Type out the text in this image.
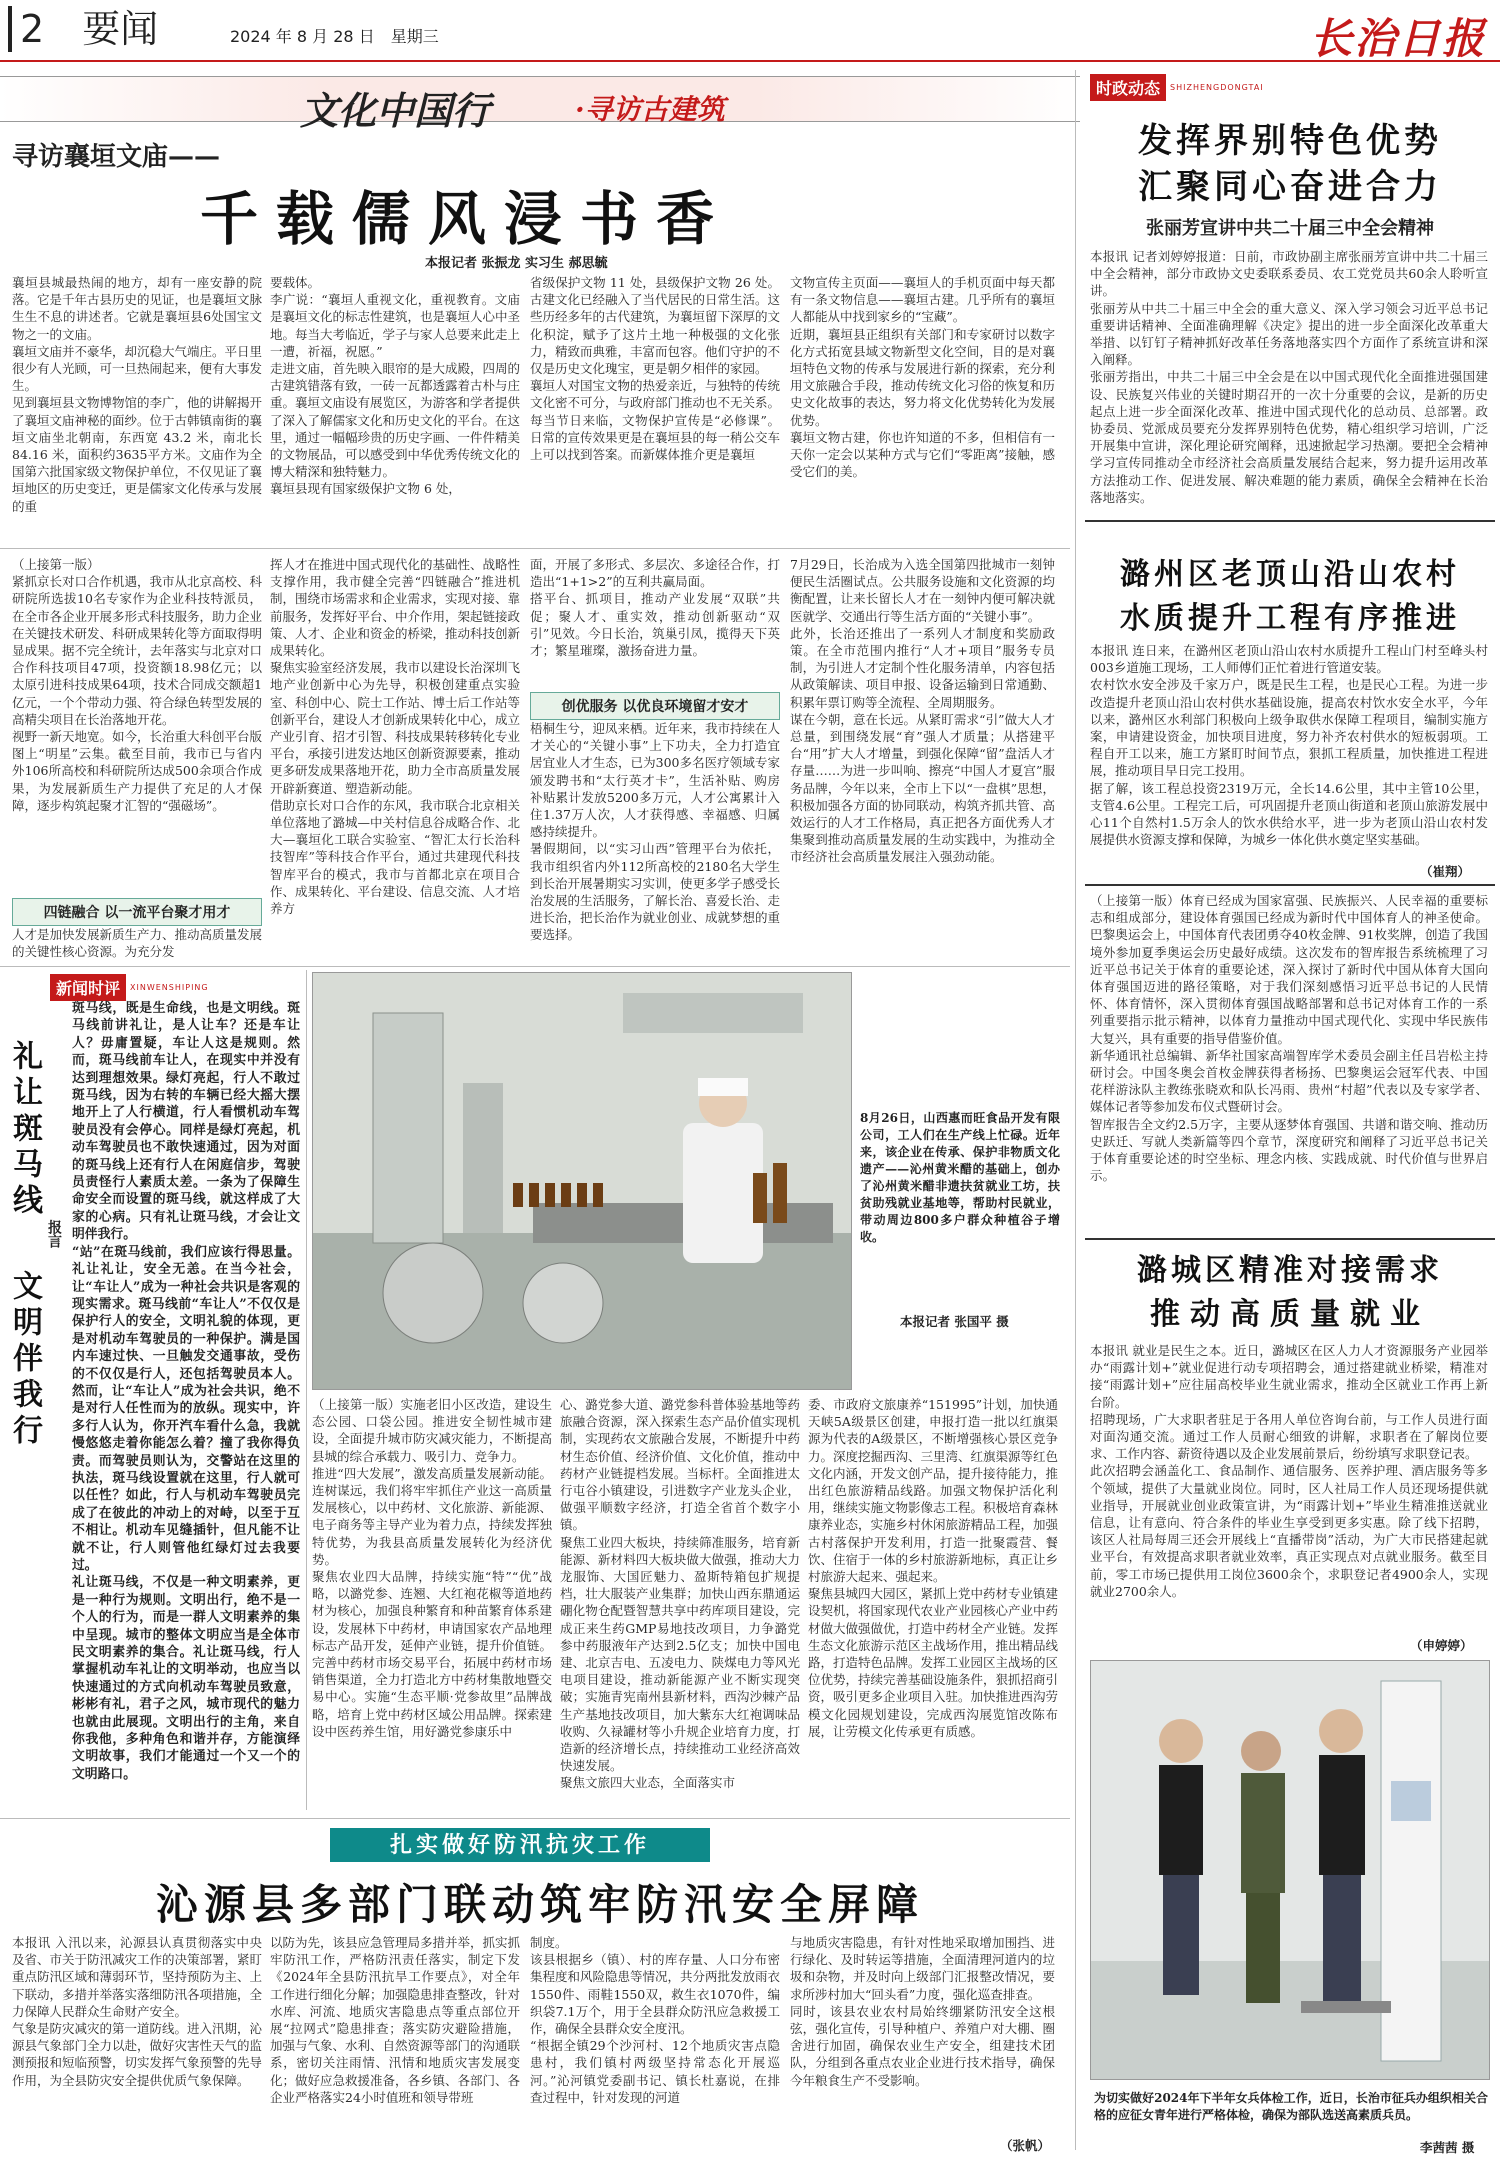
2　 要闻	2024 年 8 月 28 日　星期三	长治日报
文化中国行	·寻访古建筑
寻访襄垣文庙——
千载儒风浸书香
本报记者 张振龙 实习生 郝思毓
襄垣县城最热闹的地方，却有一座安静的院落。它是千年古县历史的见证，也是襄垣文脉生生不息的讲述者。它就是襄垣县6处国宝文物之一的文庙。
襄垣文庙并不豪华，却沉稳大气端庄。平日里很少有人光顾，可一旦热闹起来，便有大事发生。
见到襄垣县文物博物馆的李广，他的讲解揭开了襄垣文庙神秘的面纱。位于古韩镇南街的襄垣文庙坐北朝南，东西宽 43.2 米，南北长 84.16 米，面积约3635平方米。文庙作为全国第六批国家级文物保护单位，不仅见证了襄垣地区的历史变迁，更是儒家文化传承与发展的重
要载体。
李广说：“襄垣人重视文化，重视教育。文庙是襄垣文化的标志性建筑，也是襄垣人心中圣地。每当大考临近，学子与家人总要来此走上一遭，祈福，祝愿。”
走进文庙，首先映入眼帘的是大成殿，四周的古建筑错落有致，一砖一瓦都透露着古朴与庄重。襄垣文庙设有展览区，为游客和学者提供了深入了解儒家文化和历史文化的平台。在这里，通过一幅幅珍贵的历史字画、一件件精美的文物展品，可以感受到中华优秀传统文化的博大精深和独特魅力。
襄垣县现有国家级保护文物 6 处，
省级保护文物 11 处，县级保护文物 26 处。古建文化已经融入了当代居民的日常生活。这些历经多年的古代建筑，为襄垣留下深厚的文化积淀，赋予了这片土地一种极强的文化张力，精致而典雅，丰富而包容。他们守护的不仅是历史文化瑰宝，更是朝夕相伴的家园。
襄垣人对国宝文物的热爱亲近，与独特的传统文化密不可分，与政府部门推动也不无关系。每当节日来临，文物保护宣传是“必修课”。日常的宣传效果更是在襄垣县的每一稍公交车上可以找到答案。而新媒体推介更是襄垣
文物宣传主页面——襄垣人的手机页面中每天都有一条文物信息——襄垣古建。几乎所有的襄垣人都能从中找到家乡的“宝藏”。
近期，襄垣县正组织有关部门和专家研讨以数字化方式拓宽县域文物新型文化空间，目的是对襄垣特色文物的传承与发展进行新的探索，充分利用文旅融合手段，推动传统文化习俗的恢复和历史文化故事的表达，努力将文化优势转化为发展优势。
襄垣文物古建，你也许知道的不多，但相信有一天你一定会以某种方式与它们“零距离”接触，感受它们的美。
时政动态	SHIZHENGDONGTAI
发挥界别特色优势
汇聚同心奋进合力
张丽芳宣讲中共二十届三中全会精神
本报讯 记者刘婷婷报道：日前，市政协副主席张丽芳宣讲中共二十届三中全会精神，部分市政协文史委联系委员、农工党党员共60余人聆听宣讲。
张丽芳从中共二十届三中全会的重大意义、深入学习领会习近平总书记重要讲话精神、全面准确理解《决定》提出的进一步全面深化改革重大举措、以钉钉子精神抓好改革任务落地落实四个方面作了系统宣讲和深入阐释。
张丽芳指出，中共二十届三中全会是在以中国式现代化全面推进强国建设、民族复兴伟业的关键时期召开的一次十分重要的会议，是新的历史起点上进一步全面深化改革、推进中国式现代化的总动员、总部署。政协委员、党派成员要充分发挥界别特色优势，精心组织学习培训，广泛开展集中宣讲，深化理论研究阐释，迅速掀起学习热潮。要把全会精神学习宣传同推动全市经济社会高质量发展结合起来，努力提升运用改革方法推动工作、促进发展、解决难题的能力素质，确保全会精神在长治落地落实。
（上接第一版）
紧抓京长对口合作机遇，我市从北京高校、科研院所选拔10名专家作为企业科技特派员，在全市各企业开展多形式科技服务，助力企业在关键技术研发、科研成果转化等方面取得明显成果。据不完全统计，去年落实与北京对口合作科技项目47项，投资额18.98亿元；以太原引进科技成果64项，技术合同成交额超1亿元，一个个带动力强、符合绿色转型发展的高精尖项目在长治落地开花。
视野一新天地宽。如今，长治重大科创平台版图上“明星”云集。截至目前，我市已与省内外106所高校和科研院所达成500余项合作成果，为发展新质生产力提供了充足的人才保障，逐步构筑起聚才汇智的“强磁场”。
四链融合 以一流平台聚才用才
人才是加快发展新质生产力、推动高质量发展的关键性核心资源。为充分发
挥人才在推进中国式现代化的基础性、战略性支撑作用，我市健全完善“四链融合”推进机制，围绕市场需求和企业需求，实现对接、靠前服务，发挥好平台、中介作用，架起链接政策、人才、企业和资金的桥梁，推动科技创新成果转化。
聚焦实验室经济发展，我市以建设长治深圳飞地产业创新中心为先导，积极创建重点实验室、科创中心、院士工作站、博士后工作站等创新平台，建设人才创新成果转化中心，成立产业引育、招才引智、科技成果转移转化专业平台，承接引进发达地区创新资源要素，推动更多研发成果落地开花，助力全市高质量发展开辟新赛道、塑造新动能。
借助京长对口合作的东风，我市联合北京相关单位落地了潞城—中关村信息谷成略合作、北大—襄垣化工联合实验室、“智汇太行长治科技智库”等科技合作平台，通过共建现代科技智库平台的模式，我市与首都北京在项目合作、成果转化、平台建设、信息交流、人才培养方
面，开展了多形式、多层次、多途径合作，打造出“1+1>2”的互利共赢局面。
搭平台、抓项目，推动产业发展“双联”共促；聚人才、重实效，推动创新驱动“双引”见效。今日长治，筑巢引凤，揽得天下英才；繁星璀璨，激扬奋进力量。
创优服务 以优良环境留才安才
梧桐生兮，迎凤来栖。近年来，我市持续在人才关心的“关键小事”上下功夫，全力打造宜居宜业人才生态，已为300多名医疗领域专家颁发聘书和“太行英才卡”，生活补贴、购房补贴累计发放5200多万元，人才公寓累计入住1.37万人次，人才获得感、幸福感、归属感持续提升。
暑假期间，以“实习山西”管理平台为依托，我市组织省内外112所高校的2180名大学生到长治开展暑期实习实训，使更多学子感受长治发展的生活服务，了解长治、喜爱长治、走进长治，把长治作为就业创业、成就梦想的重要选择。
7月29日，长治成为入选全国第四批城市一刻钟便民生活圈试点。公共服务设施和文化资源的均衡配置，让来长留长人才在一刻钟内便可解决就医就学、交通出行等生活方面的“关键小事”。
此外，长治还推出了一系列人才制度和奖励政策。在全市范围内推行“人才+项目”服务专员制，为引进人才定制个性化服务清单，内容包括从政策解读、项目申报、设备运输到日常通勤、积累年票订购等全流程、全周期服务。
谋在今朝，意在长远。从紧盯需求“引”做大人才总量，到围绕发展“育”强人才质量；从搭建平台“用”扩大人才增量，到强化保障“留”盘活人才存量……为进一步叫响、擦亮“中国人才夏宫”服务品牌，今年以来，全市上下以“一盘棋”思想，积极加强各方面的协同联动，构筑齐抓共管、高效运行的人才工作格局，真正把各方面优秀人才集聚到推动高质量发展的生动实践中，为推动全市经济社会高质量发展注入强劲动能。
潞州区老顶山沿山农村
水质提升工程有序推进
本报讯 连日来，在潞州区老顶山沿山农村水质提升工程山门村至峰头村003乡道施工现场，工人师傅们正忙着进行管道安装。
农村饮水安全涉及千家万户，既是民生工程，也是民心工程。为进一步改造提升老顶山沿山农村供水基础设施，提高农村饮水安全水平，今年以来，潞州区水利部门积极向上级争取供水保障工程项目，编制实施方案，申请建设资金，加快项目进度，努力补齐农村供水的短板弱项。工程自开工以来，施工方紧盯时间节点，狠抓工程质量，加快推进工程进展，推动项目早日完工投用。
据了解，该工程总投资2319万元，全长14.6公里，其中主管10公里，支管4.6公里。工程完工后，可巩固提升老顶山街道和老顶山旅游发展中心11个自然村1.5万余人的饮水供给水平，进一步为老顶山沿山农村发展提供水资源支撑和保障，为城乡一体化供水奠定坚实基础。
（崔翔）
（上接第一版）体育已经成为国家富强、民族振兴、人民幸福的重要标志和组成部分，建设体育强国已经成为新时代中国体育人的神圣使命。巴黎奥运会上，中国体育代表团勇夺40枚金牌、91枚奖牌，创造了我国境外参加夏季奥运会历史最好成绩。这次发布的智库报告系统梳理了习近平总书记关于体育的重要论述，深入探讨了新时代中国从体育大国向体育强国迈进的路径策略，对于我们深刻感悟习近平总书记的人民情怀、体育情怀，深入贯彻体育强国战略部署和总书记对体育工作的一系列重要指示批示精神，以体育力量推动中国式现代化、实现中华民族伟大复兴，具有重要的指导借鉴价值。
新华通讯社总编辑、新华社国家高端智库学术委员会副主任吕岩松主持研讨会。中国冬奥会首枚金牌获得者杨扬、巴黎奥运会冠军代表、中国花样游泳队主教练张晓欢和队长冯雨、贵州“村超”代表以及专家学者、媒体记者等参加发布仪式暨研讨会。
智库报告全文约2.5万字，主要从逐梦体育强国、共谱和谐交响、推动历史跃迁、写就人类新篇等四个章节，深度研究和阐释了习近平总书记关于体育重要论述的时空坐标、理念内核、实践成就、时代价值与世界启示。
新闻时评	XINWENSHIPING
礼让斑马线
文明伴我行
报言
斑马线，既是生命线，也是文明线。斑马线前讲礼让，是人让车？还是车让人？毋庸置疑，车让人这是规则。然而，斑马线前车让人，在现实中并没有达到理想效果。绿灯亮起，行人不敢过斑马线，因为右转的车辆已经大摇大摆地开上了人行横道，行人看惯机动车驾驶员没有会停心。同样是绿灯亮起，机动车驾驶员也不敢快速通过，因为对面的斑马线上还有行人在闲庭信步，驾驶员责怪行人素质太差。一条为了保障生命安全而设置的斑马线，就这样成了大家的心病。只有礼让斑马线，才会让文明伴我行。
“站”在斑马线前，我们应该行得思量。礼让礼让，安全无恙。在当今社会，让“车让人”成为一种社会共识是客观的现实需求。斑马线前“车让人”不仅仅是保护行人的安全，文明礼貌的体现，更是对机动车驾驶员的一种保护。满是国内车速过快、一旦触发交通事故，受伤的不仅仅是行人，还包括驾驶员本人。然而，让“车让人”成为社会共识，绝不是对行人任性而为的放纵。现实中，许多行人认为，你开汽车看什么急，我就慢悠悠走着你能怎么着？撞了我你得负责。而驾驶员则认为，交警站在这里的执法，斑马线设置就在这里，行人就可以任性？如此，行人与机动车驾驶员完成了在彼此的冲动上的对峙，以至于互不相让。机动车见缝插针，但凡能不让就不让，行人则管他红绿灯过去我要过。
礼让斑马线，不仅是一种文明素养，更是一种行为规则。文明出行，绝不是一个人的行为，而是一群人文明素养的集中呈现。城市的整体文明应当是全体市民文明素养的集合。礼让斑马线，行人掌握机动车礼让的文明举动，也应当以快速通过的方式向机动车驾驶员致意，彬彬有礼，君子之风，城市现代的魅力也就由此展现。文明出行的主角，来自你我他，多种角色和谐并存，方能演绎文明故事，我们才能通过一个又一个的文明路口。
8月26日，山西惠而旺食品开发有限公司，工人们在生产线上忙碌。近年来，该企业在传承、保护非物质文化遗产——沁州黄米醋的基础上，创办了沁州黄米醋非遗扶贫就业工坊，扶贫助残就业基地等，帮助村民就业，带动周边800多户群众种植谷子增收。
本报记者 张国平 摄
（上接第一版）实施老旧小区改造，建设生态公园、口袋公园。推进安全韧性城市建设，全面提升城市防灾减灾能力，不断提高县城的综合承载力、吸引力、竞争力。
推进“四大发展”，激发高质量发展新动能。连树谋远，我们将牢牢抓住产业这一高质量发展核心，以中药材、文化旅游、新能源、电子商务等主导产业为着力点，持续发挥独特优势，为我县高质量发展转化为经济优势。
聚焦农业四大品牌，持续实施“特”“优”战略，以潞党参、连翘、大红袍花椒等道地药材为核心，加强良种繁育和种苗繁育体系建设，发展林下中药材，申请国家农产品地理标志产品开发，延伸产业链，提升价值链。完善中药材市场交易平台，拓展中药材市场销售渠道，全力打造北方中药材集散地暨交易中心。实施“生态平顺·党参故里”品牌战略，培育上党中药材区域公用品牌。探索建设中医药养生馆，用好潞党参康乐中
心、潞党参大道、潞党参科普体验基地等药旅融合资源，深入探索生态产品价值实现机制，实现药农文旅融合发展，不断提升中药材生态价值、经济价值、文化价值，推动中药材产业链提档发展。当标杆。全面推进太行屯谷小镇建设，引进数字产业龙头企业，做强平顺数字经济，打造全省首个数字小镇。
聚焦工业四大板块，持续筛准服务，培育新能源、新材料四大板块做大做强，推动大力龙服饰、大国匠魅力、盈斯特箱包扩规提档，壮大服装产业集群；加快山西东鼎通运硼化物仓配暨智慧共享中药库项目建设，完成正来生药GMP易地技改项目，力争潞党参中药服液年产达到2.5亿支；加快中国电建、北京吉电、五凌电力、陕煤电力等风光电项目建设，推动新能源产业不断实现突破；实施青宪南州县新材料，西沟沙棘产品生产基地技改项目，加大紫东大红袍调味品收购、久禄罐材等小升规企业培育力度，打造新的经济增长点，持续推动工业经济高效快速发展。
聚焦文旅四大业态，全面落实市
委、市政府文旅康养“151995”计划，加快通天峡5A级景区创建，申报打造一批以红旗渠源为代表的A级景区，不断增强核心景区竞争力。深度挖掘西沟、三里湾、红旗渠源等红色文化内涵，开发文创产品，提升接待能力，推出红色旅游精品线路。加强文物保护活化利用，继续实施文物影像志工程。积极培育森林康养业态，实施乡村休闲旅游精品工程，加强古村落保护开发利用，打造一批聚霞营、餐饮、住宿于一体的乡村旅游新地标，真正让乡村旅游大起来、强起来。
聚焦县城四大园区，紧抓上党中药材专业镇建设契机，将国家现代农业产业园核心产业中药材做大做强做优，打造中药材全产业链。发挥生态文化旅游示范区主战场作用，推出精品线路，打造特色品牌。发挥工业园区主战场的区位优势，持续完善基础设施条件，狠抓招商引资，吸引更多企业项目入驻。加快推进西沟劳模文化园规划建设，完成西沟展览馆改陈布展，让劳模文化传承更有质感。
潞城区精准对接需求
推动高质量就业
本报讯 就业是民生之本。近日，潞城区在区人力人才资源服务产业园举办“雨露计划+”就业促进行动专项招聘会，通过搭建就业桥梁，精准对接“雨露计划+”应往届高校毕业生就业需求，推动全区就业工作再上新台阶。
招聘现场，广大求职者驻足于各用人单位咨询台前，与工作人员进行面对面沟通交流。通过工作人员耐心细致的讲解，求职者在了解岗位要求、工作内容、薪资待遇以及企业发展前景后，纷纷填写求职登记表。
此次招聘会涵盖化工、食品制作、通信服务、医养护理、酒店服务等多个领域，提供了大量就业岗位。同时，区人社局工作人员还现场提供就业指导，开展就业创业政策宣讲，为“雨露计划+”毕业生精准推送就业信息，让有意向、符合条件的毕业生享受到更多实惠。除了线下招聘，该区人社局每周三还会开展线上“直播带岗”活动，为广大市民搭建起就业平台，有效提高求职者就业效率，真正实现点对点就业服务。截至目前，零工市场已提供用工岗位3600余个，求职登记者4900余人，实现就业2700余人。
（申婷婷）
为切实做好2024年下半年女兵体检工作，近日，长治市征兵办组织相关合格的应征女青年进行严格体检，确保为部队选送高素质兵员。
李茜茜 摄
扎实做好防汛抗灾工作
沁源县多部门联动筑牢防汛安全屏障
本报讯 入汛以来，沁源县认真贯彻落实中央及省、市关于防汛减灾工作的决策部署，紧盯重点防汛区域和薄弱环节，坚持预防为主、上下联动，多措并举落实落细防汛各项措施，全力保障人民群众生命财产安全。
气象是防灾减灾的第一道防线。进入汛期，沁源县气象部门全力以赴，做好灾害性天气的监测预报和短临预警，切实发挥气象预警的先导作用，为全县防灾安全提供优质气象保障。
以防为先，该县应急管理局多措并举，抓实抓牢防汛工作，严格防汛责任落实，制定下发《2024年全县防汛抗旱工作要点》，对全年工作进行细化分解；加强隐患排查整改，针对水库、河流、地质灾害隐患点等重点部位开展“拉网式”隐患排查；落实防灾避险措施，加强与气象、水利、自然资源等部门的沟通联系，密切关注雨情、汛情和地质灾害发展变化；做好应急救援准备，各乡镇、各部门、各企业严格落实24小时值班和领导带班
制度。
该县根据乡（镇）、村的库存量、人口分布密集程度和风险隐患等情况，共分两批发放雨衣1550件、雨鞋1550双，救生衣1070件，编织袋7.1万个，用于全县群众防汛应急救援工作，确保全县群众安全度汛。
“根据全镇29个沙河村、12个地质灾害点隐患村，我们镇村两级坚持常态化开展巡河。”沁河镇党委副书记、镇长杜嘉说，在排查过程中，针对发现的河道
与地质灾害隐患，有针对性地采取增加围挡、进行绿化、及时转运等措施，全面清理河道内的垃圾和杂物，并及时向上级部门汇报整改情况，要求所涉村加大“回头看”力度，强化巡查排查。
同时，该县农业农村局始终绷紧防汛安全这根弦，强化宣传，引导种植户、养殖户对大棚、圈舍进行加固，确保农业生产安全，组建技术团队，分组到各重点农业企业进行技术指导，确保今年粮食生产不受影响。
（张帆）
